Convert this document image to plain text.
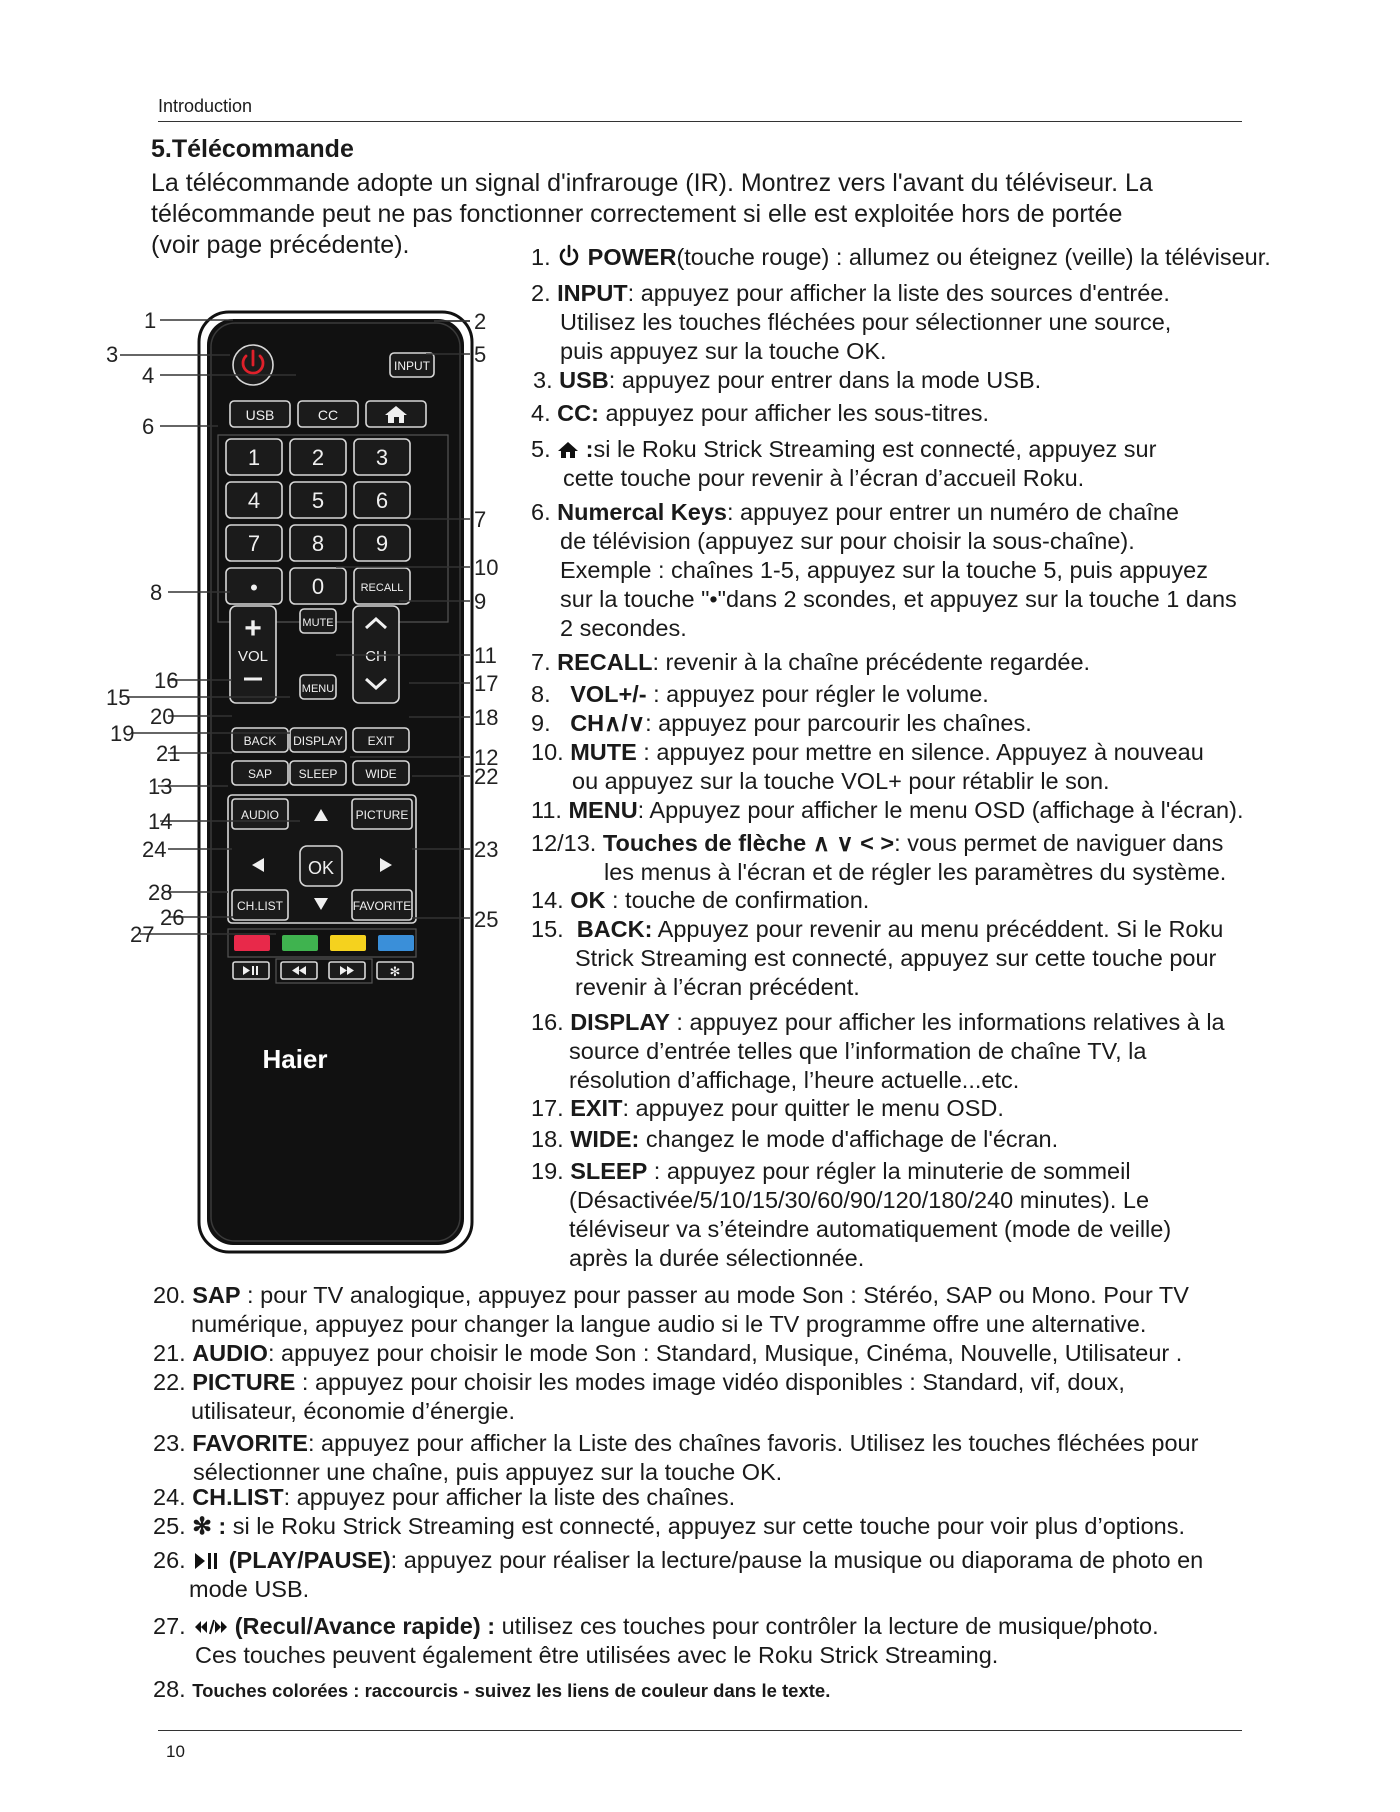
Introduction
5.Télécommande
La télécommande adopte un signal d'infrarouge (IR). Montrez vers l'avant du téléviseur. La
télécommande peut ne pas fonctionner correctement si elle est exploitée hors de portée
(voir page précédente).
INPUT
USB	CC
1 2 3
4 5 6
7 8 9
• 0	RECALL
+
VOL
MUTE
MENU
CH
BACK DISPLAY EXIT
SAP SLEEP WIDE
AUDIO	PICTURE
CH.LIST	FAVORITE
OK
✻
Haier
1	2
3
4
5
6
7
8	9
10
11
12
13
14
15
16	17
18
19
20
21
22
23
24
25
26
27
28
1. POWER(touche rouge) : allumez ou éteignez (veille) la téléviseur.
2. INPUT: appuyez pour afficher la liste des sources d'entrée.
Utilisez les touches fléchées pour sélectionner une source,
puis appuyez sur la touche OK.
3. USB: appuyez pour entrer dans la mode USB.
4. CC: appuyez pour afficher les sous-titres.
5. :si le Roku Strick Streaming est connecté, appuyez sur
cette touche pour revenir à l’écran d’accueil Roku.
6. Numercal Keys: appuyez pour entrer un numéro de chaîne
de télévision (appuyez sur pour choisir la sous-chaîne).
Exemple : chaînes 1-5, appuyez sur la touche 5, puis appuyez
sur la touche "•"dans 2 scondes, et appuyez sur la touche 1 dans
2 secondes.
7. RECALL: revenir à la chaîne précédente regardée.
8. VOL+/- : appuyez pour régler le volume.
9. CH∧/∨: appuyez pour parcourir les chaînes.
10. MUTE : appuyez pour mettre en silence. Appuyez à nouveau
ou appuyez sur la touche VOL+ pour rétablir le son.
11. MENU: Appuyez pour afficher le menu OSD (affichage à l'écran).
12/13. Touches de flèche ∧ ∨ < >: vous permet de naviguer dans
les menus à l'écran et de régler les paramètres du système.
14. OK : touche de confirmation.
15. BACK: Appuyez pour revenir au menu précéddent. Si le Roku
Strick Streaming est connecté, appuyez sur cette touche pour
revenir à l’écran précédent.
16. DISPLAY : appuyez pour afficher les informations relatives à la
source d’entrée telles que l’information de chaîne TV, la
résolution d’affichage, l’heure actuelle...etc.
17. EXIT: appuyez pour quitter le menu OSD.
18. WIDE: changez le mode d'affichage de l'écran.
19. SLEEP : appuyez pour régler la minuterie de sommeil
(Désactivée/5/10/15/30/60/90/120/180/240 minutes). Le
téléviseur va s’éteindre automatiquement (mode de veille)
après la durée sélectionnée.
20. SAP : pour TV analogique, appuyez pour passer au mode Son : Stéréo, SAP ou Mono. Pour TV
numérique, appuyez pour changer la langue audio si le TV programme offre une alternative.
21. AUDIO: appuyez pour choisir le mode Son : Standard, Musique, Cinéma, Nouvelle, Utilisateur .
22. PICTURE : appuyez pour choisir les modes image vidéo disponibles : Standard, vif, doux,
utilisateur, économie d’énergie.
23. FAVORITE: appuyez pour afficher la Liste des chaînes favoris. Utilisez les touches fléchées pour
sélectionner une chaîne, puis appuyez sur la touche OK.
24. CH.LIST: appuyez pour afficher la liste des chaînes.
25. ✻ : si le Roku Strick Streaming est connecté, appuyez sur cette touche pour voir plus d’options.
26. (PLAY/PAUSE): appuyez pour réaliser la lecture/pause la musique ou diaporama de photo en
mode USB.
27. (Recul/Avance rapide) : utilisez ces touches pour contrôler la lecture de musique/photo.
Ces touches peuvent également être utilisées avec le Roku Strick Streaming.
28. Touches colorées : raccourcis - suivez les liens de couleur dans le texte.
10
